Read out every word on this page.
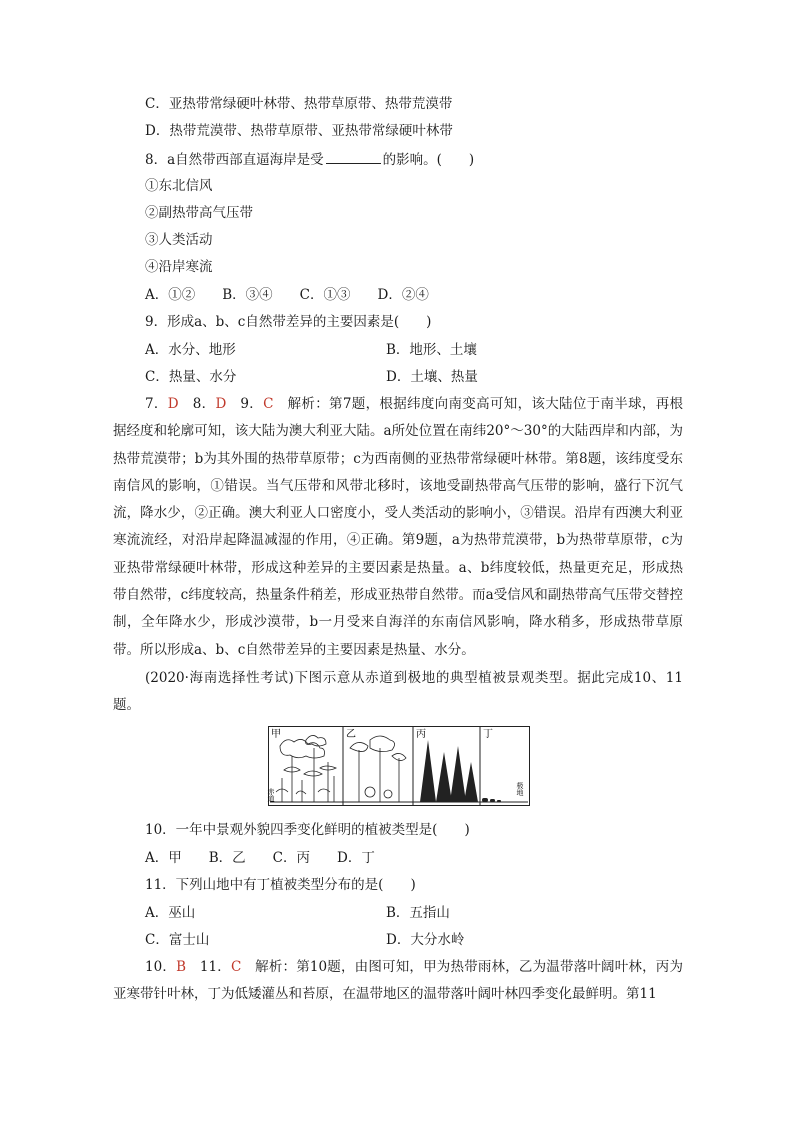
C．亚热带常绿硬叶林带、热带草原带、热带荒漠带
D．热带荒漠带、热带草原带、亚热带常绿硬叶林带
8．a自然带西部直逼海岸是受	的影响。(　　)
①东北信风
②副热带高气压带
③人类活动
④沿岸寒流
A．①②　　B．③④　　C．①③　　D．②④
9．形成a、b、c自然带差异的主要因素是(　　)
A．水分、地形	B．地形、土壤
C．热量、水分	D．土壤、热量
7．D　 8．D　 9．C　解析：第7题，根据纬度向南变高可知，该大陆位于南半球，再根据经度和轮廓可知，该大陆为澳大利亚大陆。a所处位置在南纬20°～30°的大陆西岸和内部，为热带荒漠带；b为其外围的热带草原带；c为西南侧的亚热带常绿硬叶林带。第8题，该纬度受东南信风的影响，①错误。当气压带和风带北移时，该地受副热带高气压带的影响，盛行下沉气流，降水少，②正确。澳大利亚人口密度小，受人类活动的影响小，③错误。沿岸有西澳大利亚寒流流经，对沿岸起降温减湿的作用，④正确。第9题，a为热带荒漠带，b为热带草原带，c为亚热带常绿硬叶林带，形成这种差异的主要因素是热量。a、b纬度较低，热量更充足，形成热带自然带，c纬度较高，热量条件稍差，形成亚热带自然带。而a受信风和副热带高气压带交替控制，全年降水少，形成沙漠带，b一月受来自海洋的东南信风影响，降水稍多，形成热带草原带。所以形成a、b、c自然带差异的主要因素是热量、水分。
(2020·海南选择性考试)下图示意从赤道到极地的典型植被景观类型。据此完成10、11题。
甲	乙	丙	丁
赤道	极地
10．一年中景观外貌四季变化鲜明的植被类型是(　　)
A．甲　　B．乙　　C．丙　　D．丁
11．下列山地中有丁植被类型分布的是(　　)
A．巫山	B．五指山
C．富士山	D．大分水岭
10．B　 11．C　解析：第10题，由图可知，甲为热带雨林，乙为温带落叶阔叶林，丙为亚寒带针叶林，丁为低矮灌丛和苔原，在温带地区的温带落叶阔叶林四季变化最鲜明。第11
